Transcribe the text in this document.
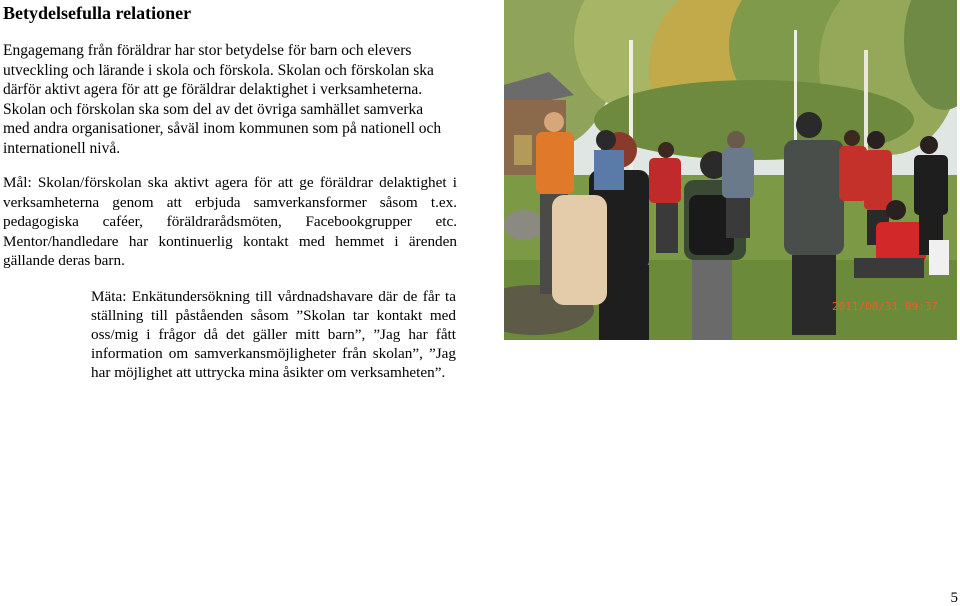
Betydelsefulla relationer

Engagemang från föräldrar har stor betydelse för barn och elevers utveckling och lärande i skola och förskola. Skolan och förskolan ska därför aktivt agera för att ge föräldrar delaktighet i verksamheterna. Skolan och förskolan ska som del av det övriga samhället samverka med andra organisationer, såväl inom kommunen som på nationell och internationell nivå.

Mål: Skolan/förskolan ska aktivt agera för att ge föräldrar delaktighet i verksamheterna genom att erbjuda samverkansformer såsom t.ex. pedagogiska caféer, föräldrarådsmöten, Facebookgrupper etc. Mentor/handledare har kontinuerlig kontakt med hemmet i ärenden gällande deras barn.

Mäta: Enkätundersökning till vårdnadshavare där de får ta ställning till påståenden såsom ”Skolan tar kontakt med oss/mig i frågor då det gäller mitt barn”, ”Jag har fått information om samverkansmöjligheter från skolan”, ”Jag har möjlighet att uttrycka mina åsikter om verksamheten”.

2011/08/31 09:37

5
